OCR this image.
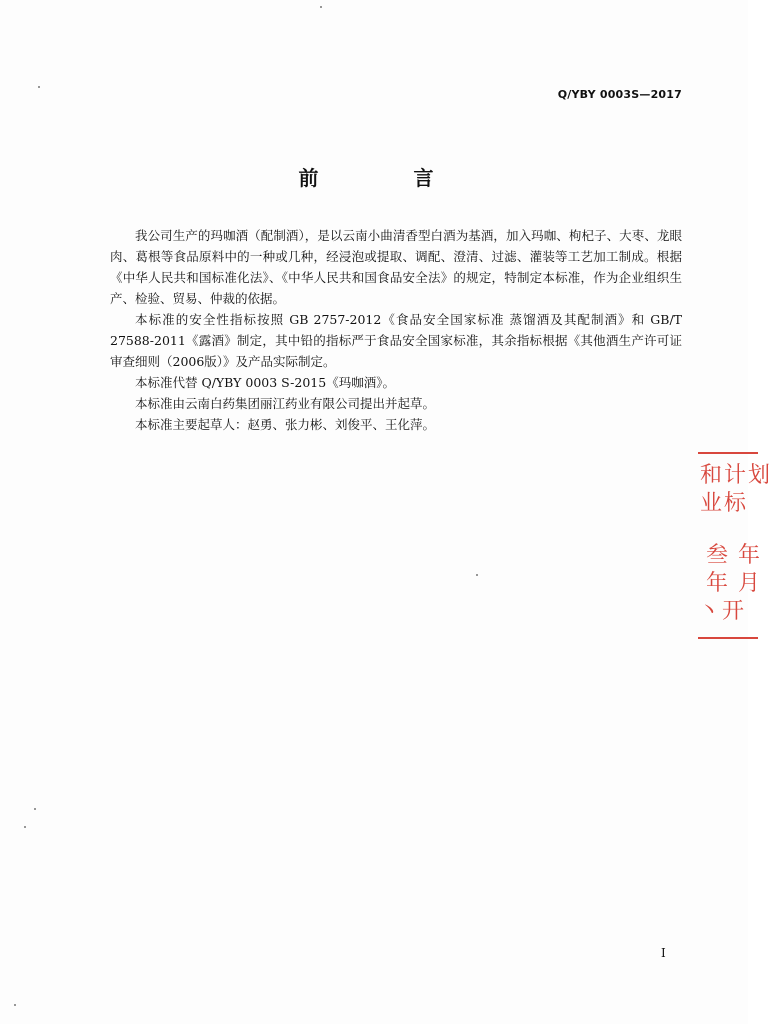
Q/YBY 0003S—2017
前 言

我公司生产的玛咖酒（配制酒），是以云南小曲清香型白酒为基酒，加入玛咖、枸杞子、大枣、龙眼肉、葛根等食品原料中的一种或几种，经浸泡或提取、调配、澄清、过滤、灌装等工艺加工制成。根据《中华人民共和国标准化法》、《中华人民共和国食品安全法》的规定，特制定本标准，作为企业组织生产、检验、贸易、仲裁的依据。

本标准的安全性指标按照 GB 2757-2012《食品安全国家标准 蒸馏酒及其配制酒》和 GB/T 27588-2011《露酒》制定，其中铅的指标严于食品安全国家标准，其余指标根据《其他酒生产许可证审查细则（2006版）》及产品实际制定。

本标准代替 Q/YBY 0003 S-2015《玛咖酒》。

本标准由云南白药集团丽江药业有限公司提出并起草。

本标准主要起草人：赵勇、张力彬、刘俊平、王化萍。

和计划
业标
叁年
年月
丶开
I
